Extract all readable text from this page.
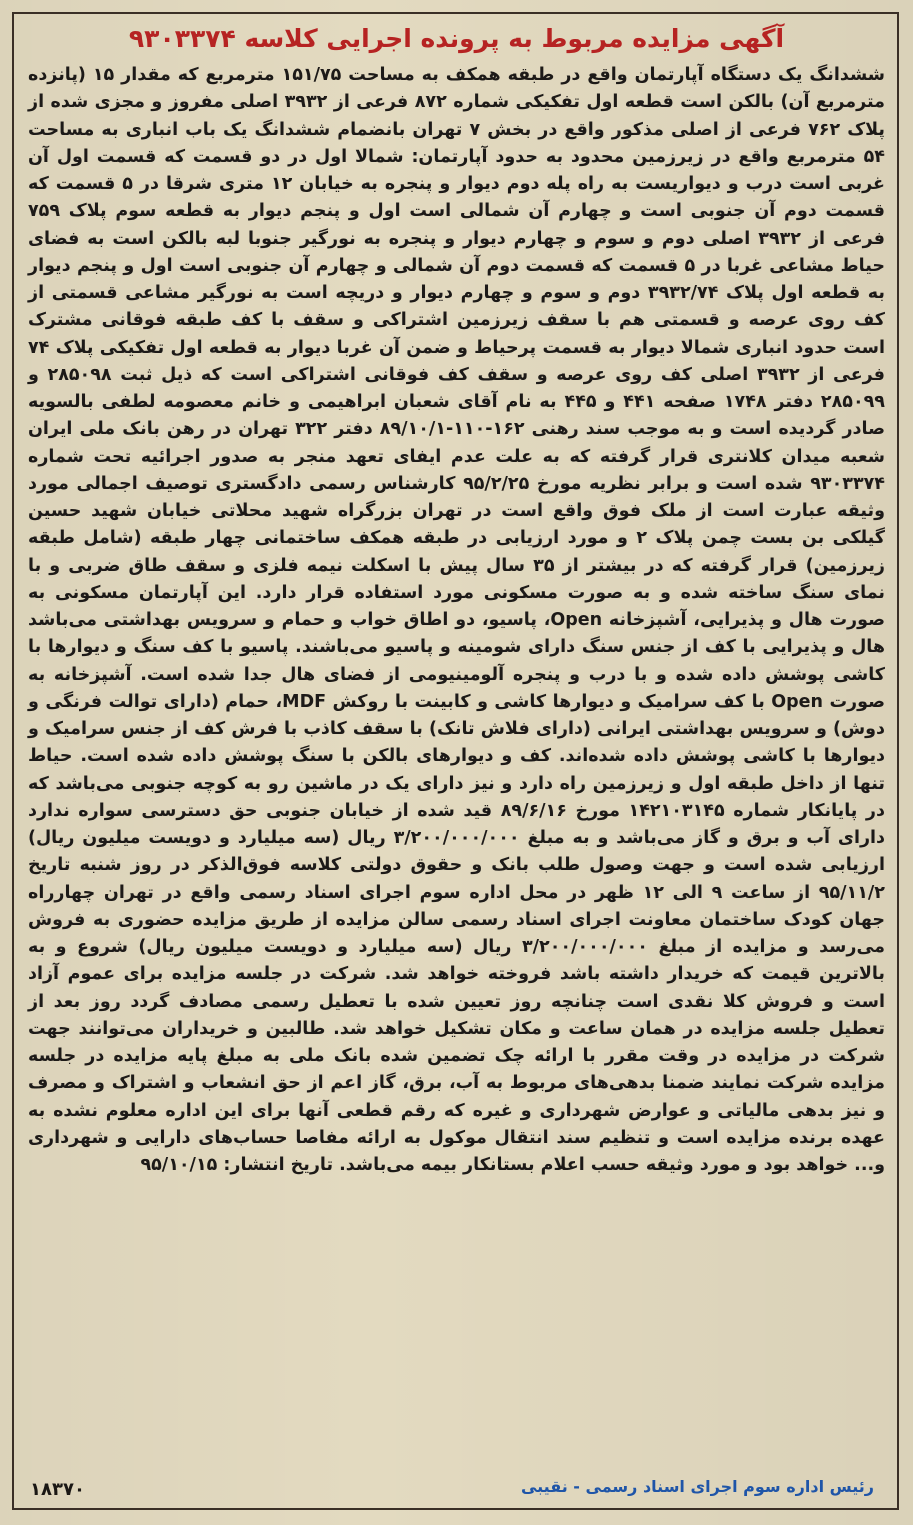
آگهی مزایده مربوط به پرونده اجرایی کلاسه ۹۳۰۳۳۷۴

ششدانگ یک دستگاه آپارتمان واقع در طبقه همکف به مساحت ۱۵۱/۷۵ مترمربع که مقدار ۱۵ (پانزده مترمربع آن) بالکن است قطعه اول تفکیکی شماره ۸۷۲ فرعی از ۳۹۳۲ اصلی مفروز و مجزی شده از پلاک ۷۶۲ فرعی از اصلی مذکور واقع در بخش ۷ تهران بانضمام ششدانگ یک باب انباری به مساحت ۵۴ مترمربع واقع در زیرزمین محدود به حدود آپارتمان: شمالا اول در دو قسمت که قسمت اول آن غربی است درب و دیواریست به راه پله دوم دیوار و پنجره به خیابان ۱۲ متری شرقا در ۵ قسمت که قسمت دوم آن جنوبی است و چهارم آن شمالی است اول و پنجم دیوار به قطعه سوم پلاک ۷۵۹ فرعی از ۳۹۳۲ اصلی دوم و سوم و چهارم دیوار و پنجره به نورگیر جنوبا لبه بالکن است به فضای حیاط مشاعی غربا در ۵ قسمت که قسمت دوم آن شمالی و چهارم آن جنوبی است اول و پنجم دیوار به قطعه اول پلاک ۳۹۳۲/۷۴ دوم و سوم و چهارم دیوار و دریچه است به نورگیر مشاعی قسمتی از کف روی عرصه و قسمتی هم با سقف زیرزمین اشتراکی و سقف با کف طبقه فوقانی مشترک است حدود انباری شمالا دیوار به قسمت پرحیاط و ضمن آن غربا دیوار به قطعه اول تفکیکی پلاک ۷۴ فرعی از ۳۹۳۲ اصلی کف روی عرصه و سقف کف فوقانی اشتراکی است که ذیل ثبت ۲۸۵۰۹۸ و ۲۸۵۰۹۹ دفتر ۱۷۴۸ صفحه ۴۴۱ و ۴۴۵ به نام آقای شعبان ابراهیمی و خانم معصومه لطفی بالسویه صادر گردیده است و به موجب سند رهنی ۱۶۲-۱۱۰-۸۹/۱۰/۱ دفتر ۳۲۲ تهران در رهن بانک ملی ایران شعبه میدان کلانتری قرار گرفته که به علت عدم ایفای تعهد منجر به صدور اجرائیه تحت شماره ۹۳۰۳۳۷۴ شده است و برابر نظریه مورخ ۹۵/۲/۲۵ کارشناس رسمی دادگستری توصیف اجمالی مورد وثیقه عبارت است از ملک فوق واقع است در تهران بزرگراه شهید محلاتی خیابان شهید حسین گیلکی بن بست چمن پلاک ۲ و مورد ارزیابی در طبقه همکف ساختمانی چهار طبقه (شامل طبقه زیرزمین) قرار گرفته که در بیشتر از ۳۵ سال پیش با اسکلت نیمه فلزی و سقف طاق ضربی و با نمای سنگ ساخته شده و به صورت مسکونی مورد استفاده قرار دارد. این آپارتمان مسکونی به صورت هال و پذیرایی، آشپزخانه Open، پاسیو، دو اطاق خواب و حمام و سرویس بهداشتی می‌باشد هال و پذیرایی با کف از جنس سنگ دارای شومینه و پاسیو می‌باشند. پاسیو با کف سنگ و دیوارها با کاشی پوشش داده شده و با درب و پنجره آلومینیومی از فضای هال جدا شده است. آشپزخانه به صورت Open با کف سرامیک و دیوارها کاشی و کابینت با روکش MDF، حمام (دارای توالت فرنگی و دوش) و سرویس بهداشتی ایرانی (دارای فلاش تانک) با سقف کاذب با فرش کف از جنس سرامیک و دیوارها با کاشی پوشش داده شده‌اند. کف و دیوارهای بالکن با سنگ پوشش داده شده است. حیاط تنها از داخل طبقه اول و زیرزمین راه دارد و نیز دارای یک در ماشین رو به کوچه جنوبی می‌باشد که در پایانکار شماره ۱۴۲۱۰۳۱۴۵ مورخ ۸۹/۶/۱۶ قید شده از خیابان جنوبی حق دسترسی سواره ندارد دارای آب و برق و گاز می‌باشد و به مبلغ ۳/۲۰۰/۰۰۰/۰۰۰ ریال (سه میلیارد و دویست میلیون ریال) ارزیابی شده است و جهت وصول طلب بانک و حقوق دولتی کلاسه فوق‌الذکر در روز شنبه تاریخ ۹۵/۱۱/۲ از ساعت ۹ الی ۱۲ ظهر در محل اداره سوم اجرای اسناد رسمی واقع در تهران چهارراه جهان کودک ساختمان معاونت اجرای اسناد رسمی سالن مزایده از طریق مزایده حضوری به فروش می‌رسد و مزایده از مبلغ ۳/۲۰۰/۰۰۰/۰۰۰ ریال (سه میلیارد و دویست میلیون ریال) شروع و به بالاترین قیمت که خریدار داشته باشد فروخته خواهد شد. شرکت در جلسه مزایده برای عموم آزاد است و فروش کلا نقدی است چنانچه روز تعیین شده با تعطیل رسمی مصادف گردد روز بعد از تعطیل جلسه مزایده در همان ساعت و مکان تشکیل خواهد شد. طالبین و خریداران می‌توانند جهت شرکت در مزایده در وقت مقرر با ارائه چک تضمین شده بانک ملی به مبلغ پایه مزایده در جلسه مزایده شرکت نمایند ضمنا بدهی‌های مربوط به آب، برق، گاز اعم از حق انشعاب و اشتراک و مصرف و نیز بدهی مالیاتی و عوارض شهرداری و غیره که رقم قطعی آنها برای این اداره معلوم نشده به عهده برنده مزایده است و تنظیم سند انتقال موکول به ارائه مفاصا حساب‌های دارایی و شهرداری و... خواهد بود و مورد وثیقه حسب اعلام بستانکار بیمه می‌باشد. تاریخ انتشار: ۹۵/۱۰/۱۵

رئیس اداره سوم اجرای اسناد رسمی - نقیبی

۱۸۳۷۰
